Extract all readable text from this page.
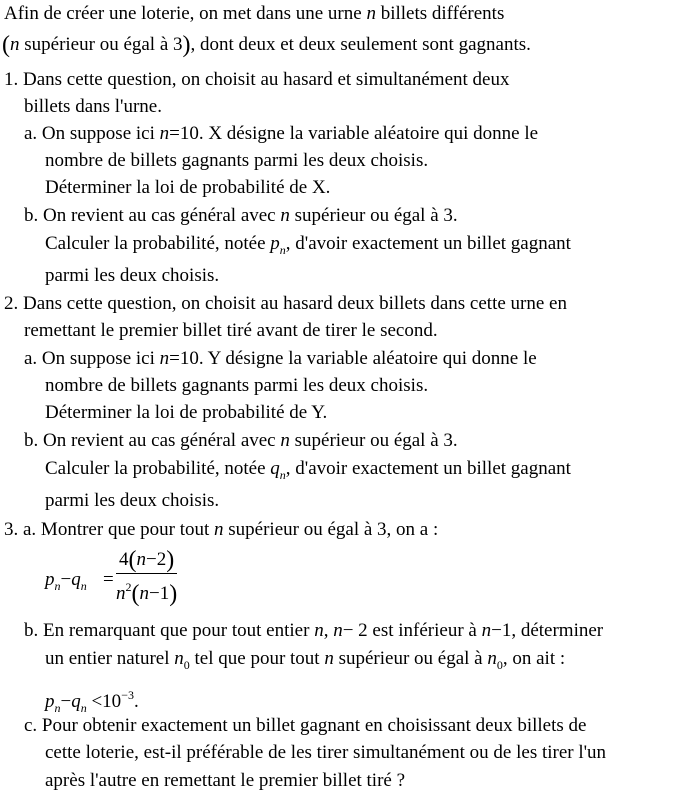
Afin de créer une loterie, on met dans une urne n billets différents
(n supérieur ou égal à 3), dont deux et deux seulement sont gagnants.
1. Dans cette question, on choisit au hasard et simultanément deux
billets dans l'urne.
a. On suppose ici n=10. X désigne la variable aléatoire qui donne le
nombre de billets gagnants parmi les deux choisis.
Déterminer la loi de probabilité de X.
b. On revient au cas général avec n supérieur ou égal à 3.
Calculer la probabilité, notée $p_n$, d'avoir exactement un billet gagnant
parmi les deux choisis.
2. Dans cette question, on choisit au hasard deux billets dans cette urne en
remettant le premier billet tiré avant de tirer le second.
a. On suppose ici n=10. Y désigne la variable aléatoire qui donne le
nombre de billets gagnants parmi les deux choisis.
Déterminer la loi de probabilité de Y.
b. On revient au cas général avec n supérieur ou égal à 3.
Calculer la probabilité, notée $q_n$, d'avoir exactement un billet gagnant
parmi les deux choisis.
3. a. Montrer que pour tout n supérieur ou égal à 3, on a :
$p_n-q_n$ =
4(n−2)
$n^2(n-1)$
b. En remarquant que pour tout entier n, n− 2 est inférieur à n−1, déterminer
un entier naturel $n_0$ tel que pour tout n supérieur ou égal à $n_0$, on ait :
$p_n-q_n <10^{-3}$.
c. Pour obtenir exactement un billet gagnant en choisissant deux billets de
cette loterie, est-il préférable de les tirer simultanément ou de les tirer l'un
après l'autre en remettant le premier billet tiré ?
